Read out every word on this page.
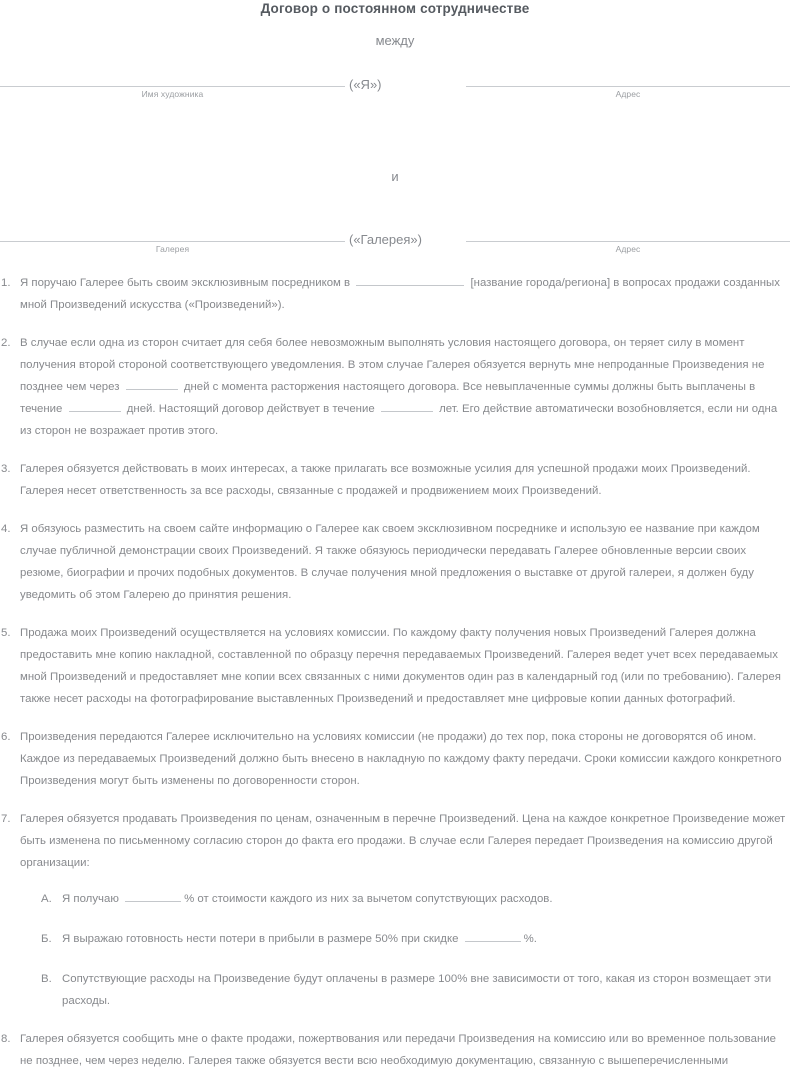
Договор о постоянном сотрудничестве
между
(«Я»)
Имя художника	Адрес
и
(«Галерея»)
Галерея	Адрес
1. Я поручаю Галерее быть своим эксклюзивным посредником в	[название города/региона] в вопросах продажи созданных мной Произведений искусства («Произведений»).
2. В случае если одна из сторон считает для себя более невозможным выполнять условия настоящего договора, он теряет силу в момент получения второй стороной соответствующего уведомления. В этом случае Галерея обязуется вернуть мне непроданные Произведения не позднее чем через	дней с момента расторжения настоящего договора. Все невыплаченные суммы должны быть выплачены в течение	дней. Настоящий договор действует в течение	лет. Его действие автоматически возобновляется, если ни одна из сторон не возражает против этого.
3. Галерея обязуется действовать в моих интересах, а также прилагать все возможные усилия для успешной продажи моих Произведений. Галерея несет ответственность за все расходы, связанные с продажей и продвижением моих Произведений.
4. Я обязуюсь разместить на своем сайте информацию о Галерее как своем эксклюзивном посреднике и использую ее название при каждом случае публичной демонстрации своих Произведений. Я также обязуюсь периодически передавать Галерее обновленные версии своих резюме, биографии и прочих подобных документов. В случае получения мной предложения о выставке от другой галереи, я должен буду уведомить об этом Галерею до принятия решения.
5. Продажа моих Произведений осуществляется на условиях комиссии. По каждому факту получения новых Произведений Галерея должна предоставить мне копию накладной, составленной по образцу перечня передаваемых Произведений. Галерея ведет учет всех передаваемых мной Произведений и предоставляет мне копии всех связанных с ними документов один раз в календарный год (или по требованию). Галерея также несет расходы на фотографирование выставленных Произведений и предоставляет мне цифровые копии данных фотографий.
6. Произведения передаются Галерее исключительно на условиях комиссии (не продажи) до тех пор, пока стороны не договорятся об ином. Каждое из передаваемых Произведений должно быть внесено в накладную по каждому факту передачи. Сроки комиссии каждого конкретного Произведения могут быть изменены по договоренности сторон.
7. Галерея обязуется продавать Произведения по ценам, означенным в перечне Произведений. Цена на каждое конкретное Произведение может быть изменена по письменному согласию сторон до факта его продажи. В случае если Галерея передает Произведения на комиссию другой организации:
А. Я получаю	% от стоимости каждого из них за вычетом сопутствующих расходов.
Б. Я выражаю готовность нести потери в прибыли в размере 50% при скидке	%.
В. Сопутствующие расходы на Произведение будут оплачены в размере 100% вне зависимости от того, какая из сторон возмещает эти расходы.
8. Галерея обязуется сообщить мне о факте продажи, пожертвования или передачи Произведения на комиссию или во временное пользование не позднее, чем через неделю. Галерея также обязуется вести всю необходимую документацию, связанную с вышеперечисленными
